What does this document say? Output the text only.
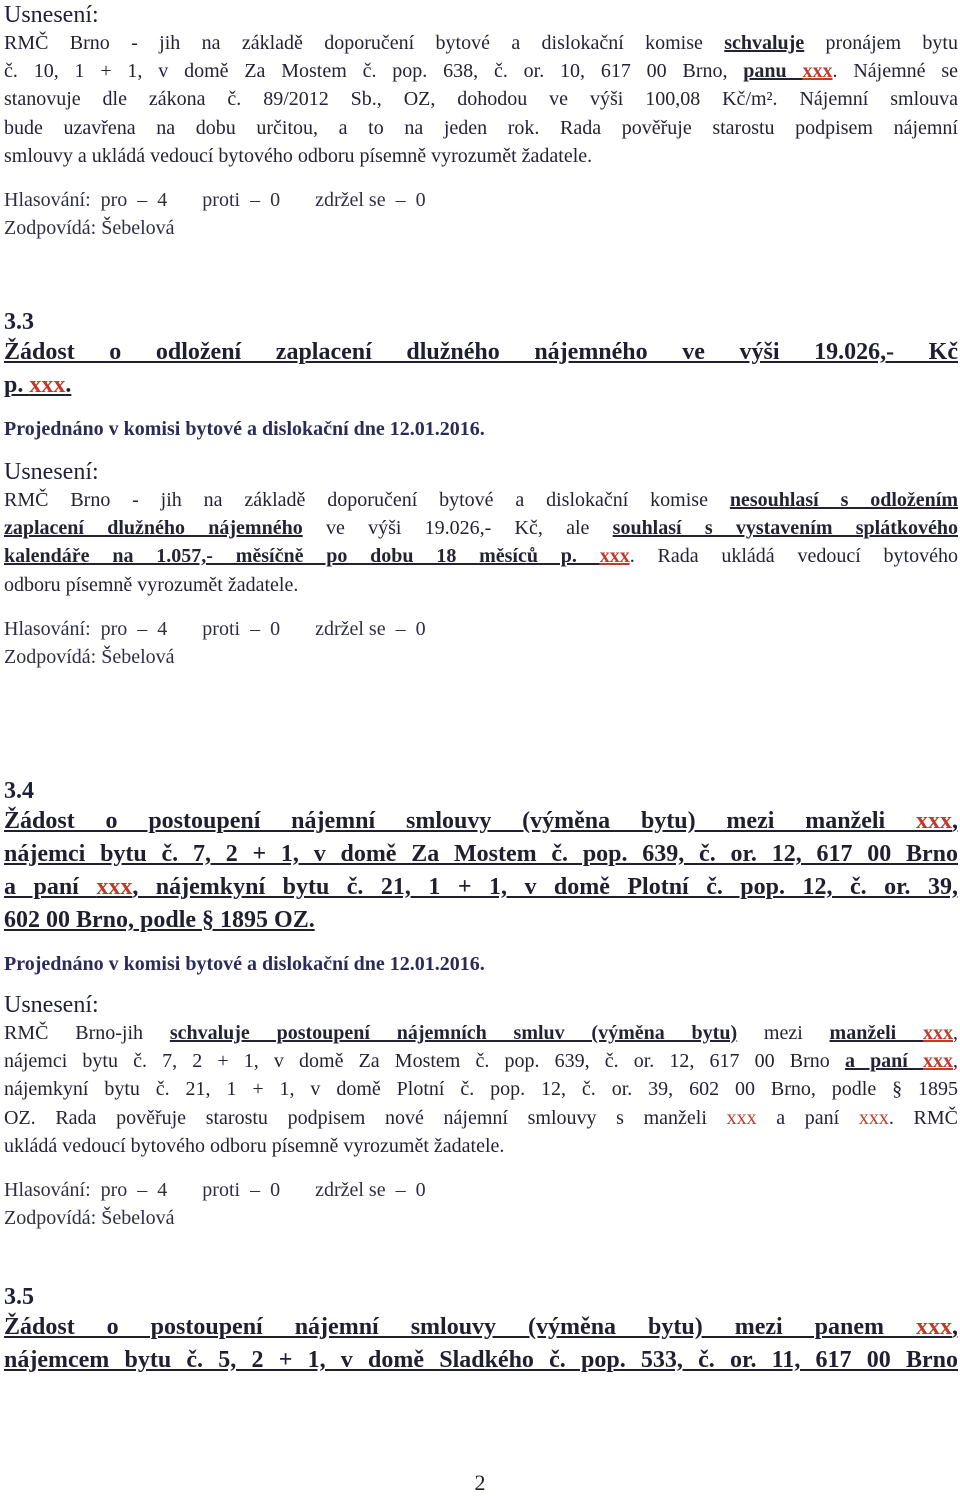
Usnesení:
RMČ Brno - jih na základě doporučení bytové a dislokační komise schvaluje pronájem bytu
č. 10, 1 + 1, v domě Za Mostem č. pop. 638, č. or. 10, 617 00 Brno, panu xxx. Nájemné se
stanovuje dle zákona č. 89/2012 Sb., OZ, dohodou ve výši 100,08 Kč/m². Nájemní smlouva
bude uzavřena na dobu určitou, a to na jeden rok. Rada pověřuje starostu podpisem nájemní
smlouvy a ukládá vedoucí bytového odboru písemně vyrozumět žadatele.
Hlasování:  pro  –  4       proti  –  0       zdržel se  –  0
Zodpovídá: Šebelová
3.3
Žádost o odložení zaplacení dlužného nájemného ve výši 19.026,- Kč
p. xxx.
Projednáno v komisi bytové a dislokační dne 12.01.2016.
Usnesení:
RMČ Brno - jih na základě doporučení bytové a dislokační komise nesouhlasí s odložením
zaplacení dlužného nájemného ve výši 19.026,- Kč, ale souhlasí s vystavením splátkového
kalendáře na 1.057,- měsíčně po dobu 18 měsíců p. xxx. Rada ukládá vedoucí bytového
odboru písemně vyrozumět žadatele.
Hlasování:  pro  –  4       proti  –  0       zdržel se  –  0
Zodpovídá: Šebelová
3.4
Žádost o postoupení nájemní smlouvy (výměna bytu) mezi manželi xxx,
nájemci bytu č. 7, 2 + 1, v domě Za Mostem č. pop. 639, č. or. 12, 617 00 Brno
a paní xxx, nájemkyní bytu č. 21, 1 + 1, v domě Plotní č. pop. 12, č. or. 39,
602 00 Brno, podle § 1895 OZ.
Projednáno v komisi bytové a dislokační dne 12.01.2016.
Usnesení:
RMČ Brno-jih schvaluje postoupení nájemních smluv (výměna bytu) mezi manželi xxx,
nájemci bytu č. 7, 2 + 1, v domě Za Mostem č. pop. 639, č. or. 12, 617 00 Brno a paní xxx,
nájemkyní bytu č. 21, 1 + 1, v domě Plotní č. pop. 12, č. or. 39, 602 00 Brno, podle § 1895
OZ. Rada pověřuje starostu podpisem nové nájemní smlouvy s manželi xxx a paní xxx. RMČ
ukládá vedoucí bytového odboru písemně vyrozumět žadatele.
Hlasování:  pro  –  4       proti  –  0       zdržel se  –  0
Zodpovídá: Šebelová
3.5
Žádost o postoupení nájemní smlouvy (výměna bytu) mezi panem xxx,
nájemcem bytu č. 5, 2 + 1, v domě Sladkého č. pop. 533, č. or. 11, 617 00 Brno
2
